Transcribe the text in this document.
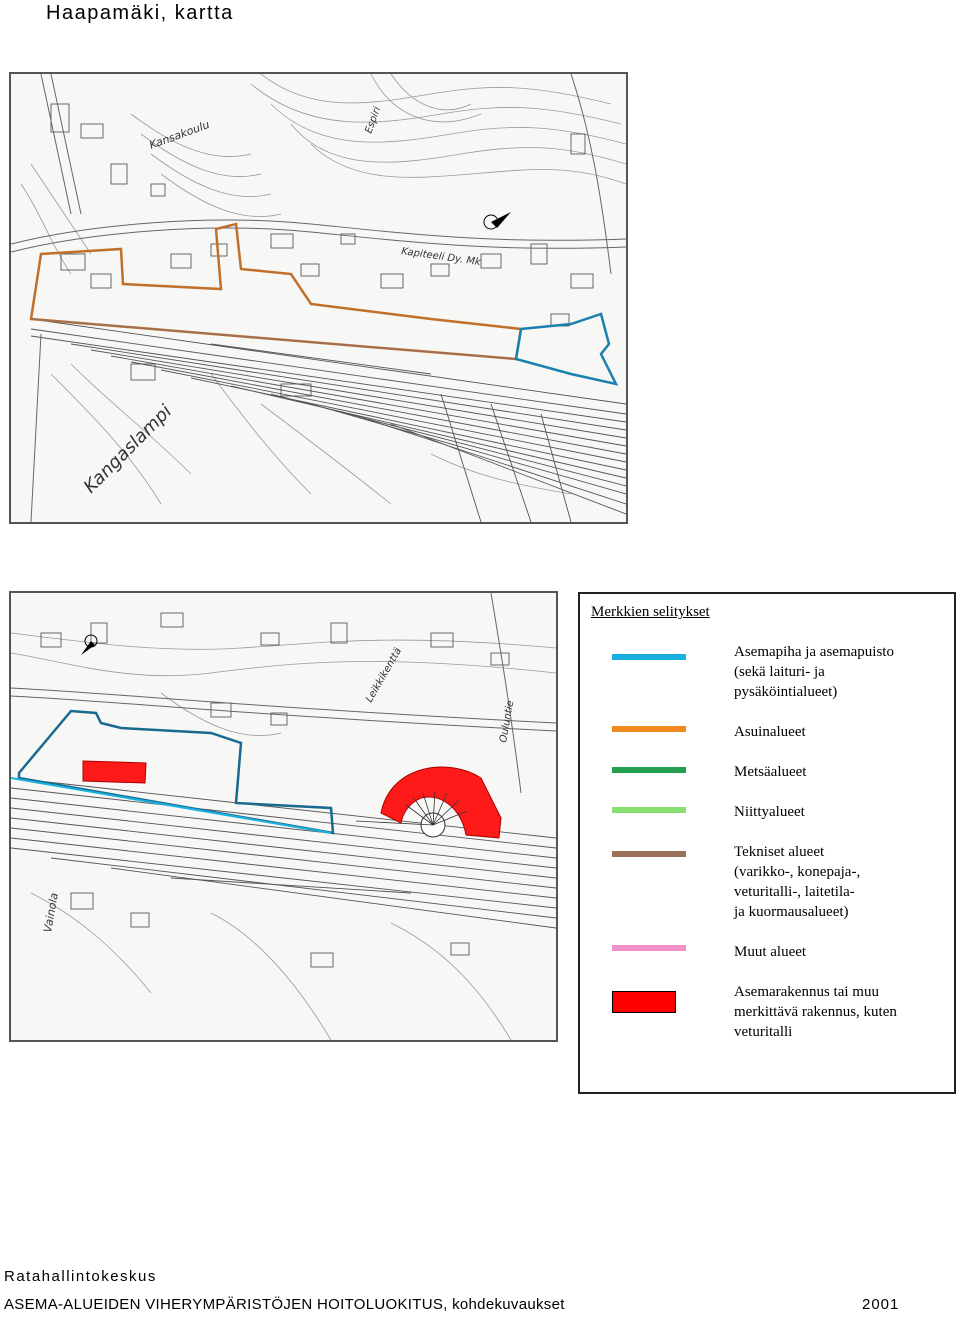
Haapamäki, kartta
Kangaslampi
Kapiteeli Dy. Mk
Kansakoulu	Espiri
Vainola
Leikkikenttä
Ouluntie
Merkkien selitykset
Asemapiha ja asemapuisto
(sekä laituri- ja
pysäköintialueet)
Asuinalueet
Metsäalueet
Niittyalueet
Tekniset alueet
(varikko-, konepaja-,
veturitalli-, laitetila-
ja kuormausalueet)
Muut alueet
Asemarakennus tai muu
merkittävä rakennus, kuten
veturitalli
Ratahallintokeskus
ASEMA-ALUEIDEN VIHERYMPÄRISTÖJEN HOITOLUOKITUS, kohdekuvaukset	2001
